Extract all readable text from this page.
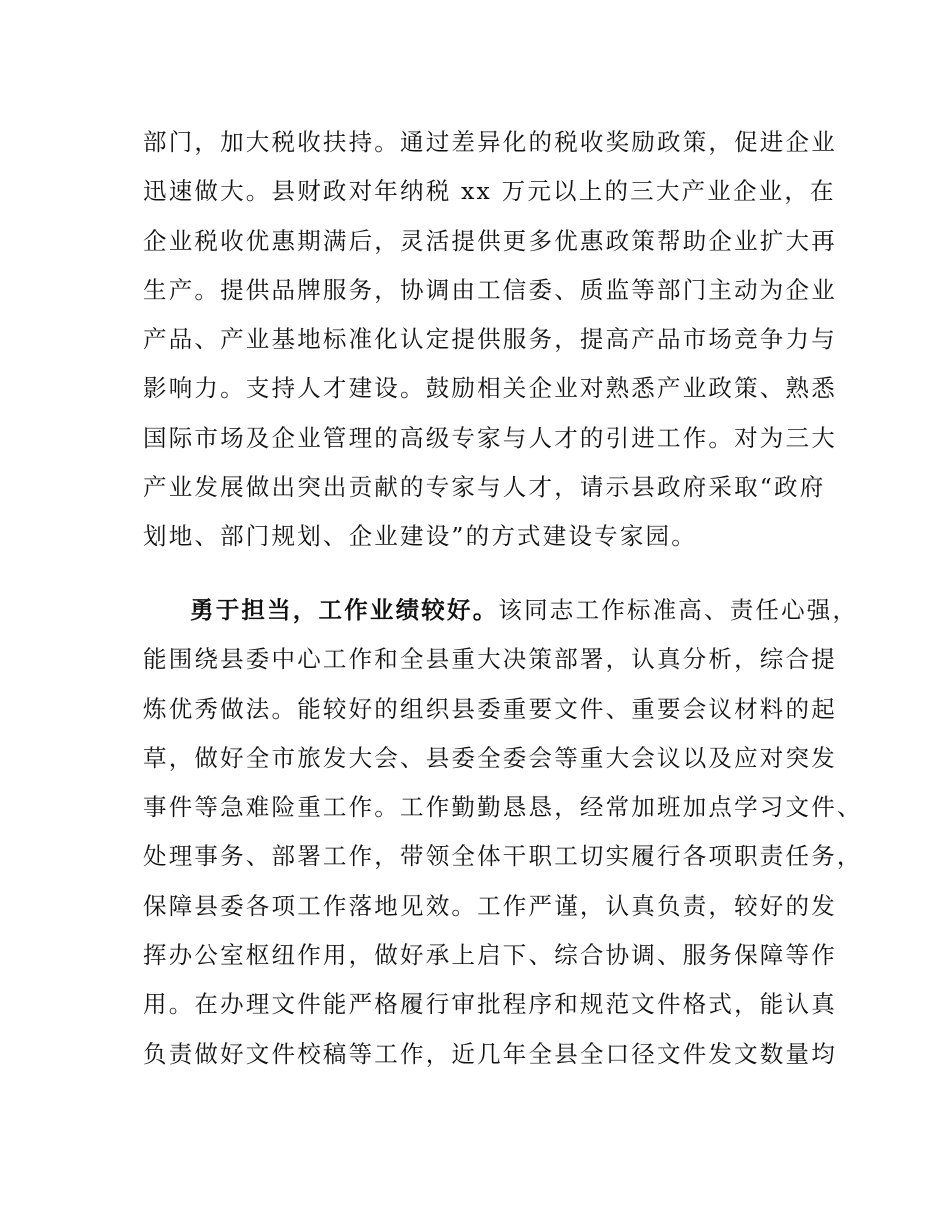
部门，加大税收扶持。通过差异化的税收奖励政策，促进企业
迅速做大。县财政对年纳税 xx 万元以上的三大产业企业，在
企业税收优惠期满后，灵活提供更多优惠政策帮助企业扩大再
生产。提供品牌服务，协调由工信委、质监等部门主动为企业
产品、产业基地标准化认定提供服务，提高产品市场竞争力与
影响力。支持人才建设。鼓励相关企业对熟悉产业政策、熟悉
国际市场及企业管理的高级专家与人才的引进工作。对为三大
产业发展做出突出贡献的专家与人才，请示县政府采取“政府
划地、部门规划、企业建设”的方式建设专家园。
勇于担当，工作业绩较好。该同志工作标准高、责任心强，
能围绕县委中心工作和全县重大决策部署，认真分析，综合提
炼优秀做法。能较好的组织县委重要文件、重要会议材料的起
草，做好全市旅发大会、县委全委会等重大会议以及应对突发
事件等急难险重工作。工作勤勤恳恳，经常加班加点学习文件、
处理事务、部署工作，带领全体干职工切实履行各项职责任务，
保障县委各项工作落地见效。工作严谨，认真负责，较好的发
挥办公室枢纽作用，做好承上启下、综合协调、服务保障等作
用。在办理文件能严格履行审批程序和规范文件格式，能认真
负责做好文件校稿等工作，近几年全县全口径文件发文数量均
